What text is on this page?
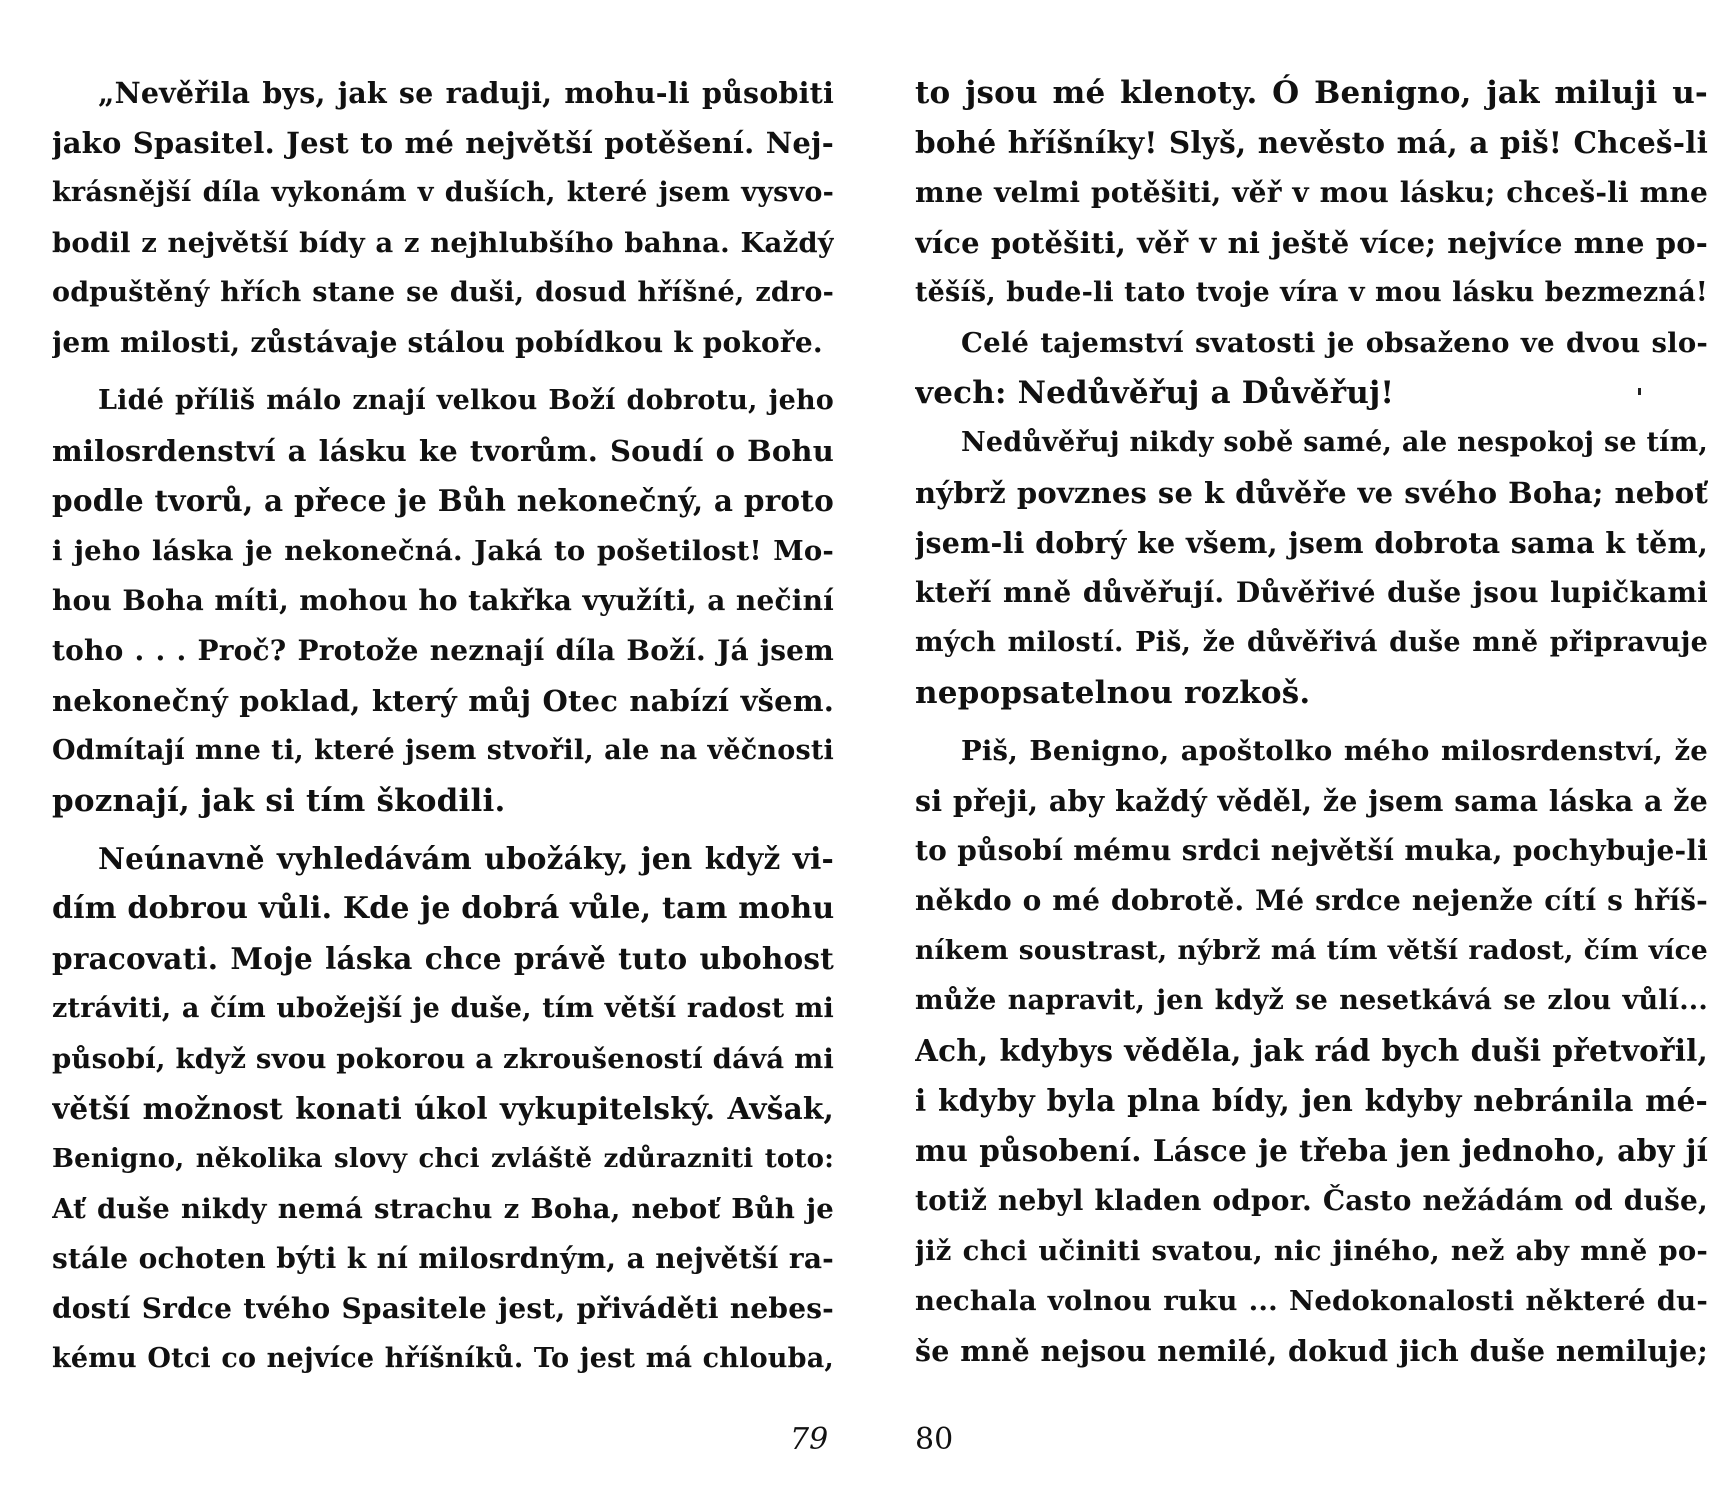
„Nevěřila bys, jak se raduji, mohu-li působiti
jako Spasitel. Jest to mé největší potěšení. Nej-
krásnější díla vykonám v duších, které jsem vysvo-
bodil z největší bídy a z nejhlubšího bahna. Každý
odpuštěný hřích stane se duši, dosud hříšné, zdro-
jem milosti, zůstávaje stálou pobídkou k pokoře.
Lidé příliš málo znají velkou Boží dobrotu, jeho
milosrdenství a lásku ke tvorům. Soudí o Bohu
podle tvorů, a přece je Bůh nekonečný, a proto
i jeho láska je nekonečná. Jaká to pošetilost! Mo-
hou Boha míti, mohou ho takřka využíti, a nečiní
toho . . . Proč? Protože neznají díla Boží. Já jsem
nekonečný poklad, který můj Otec nabízí všem.
Odmítají mne ti, které jsem stvořil, ale na věčnosti
poznají, jak si tím škodili.
Neúnavně vyhledávám ubožáky, jen když vi-
dím dobrou vůli. Kde je dobrá vůle, tam mohu
pracovati. Moje láska chce právě tuto ubohost
ztráviti, a čím ubožejší je duše, tím větší radost mi
působí, když svou pokorou a zkroušeností dává mi
větší možnost konati úkol vykupitelský. Avšak,
Benigno, několika slovy chci zvláště zdůrazniti toto:
Ať duše nikdy nemá strachu z Boha, neboť Bůh je
stále ochoten býti k ní milosrdným, a největší ra-
dostí Srdce tvého Spasitele jest, přiváděti nebes-
kému Otci co nejvíce hříšníků. To jest má chlouba,
79
to jsou mé klenoty. Ó Benigno, jak miluji u-
bohé hříšníky! Slyš, nevěsto má, a piš! Chceš-li
mne velmi potěšiti, věř v mou lásku; chceš-li mne
více potěšiti, věř v ni ještě více; nejvíce mne po-
těšíš, bude-li tato tvoje víra v mou lásku bezmezná!
Celé tajemství svatosti je obsaženo ve dvou slo-
vech: Nedůvěřuj a Důvěřuj!
Nedůvěřuj nikdy sobě samé, ale nespokoj se tím,
nýbrž povznes se k důvěře ve svého Boha; neboť
jsem-li dobrý ke všem, jsem dobrota sama k těm,
kteří mně důvěřují. Důvěřivé duše jsou lupičkami
mých milostí. Piš, že důvěřivá duše mně připravuje
nepopsatelnou rozkoš.
Piš, Benigno, apoštolko mého milosrdenství, že
si přeji, aby každý věděl, že jsem sama láska a že
to působí mému srdci největší muka, pochybuje-li
někdo o mé dobrotě. Mé srdce nejenže cítí s hříš-
níkem soustrast, nýbrž má tím větší radost, čím více
může napravit, jen když se nesetkává se zlou vůlí...
Ach, kdybys věděla, jak rád bych duši přetvořil,
i kdyby byla plna bídy, jen kdyby nebránila mé-
mu působení. Lásce je třeba jen jednoho, aby jí
totiž nebyl kladen odpor. Často nežádám od duše,
již chci učiniti svatou, nic jiného, než aby mně po-
nechala volnou ruku ... Nedokonalosti některé du-
še mně nejsou nemilé, dokud jich duše nemiluje;
80
